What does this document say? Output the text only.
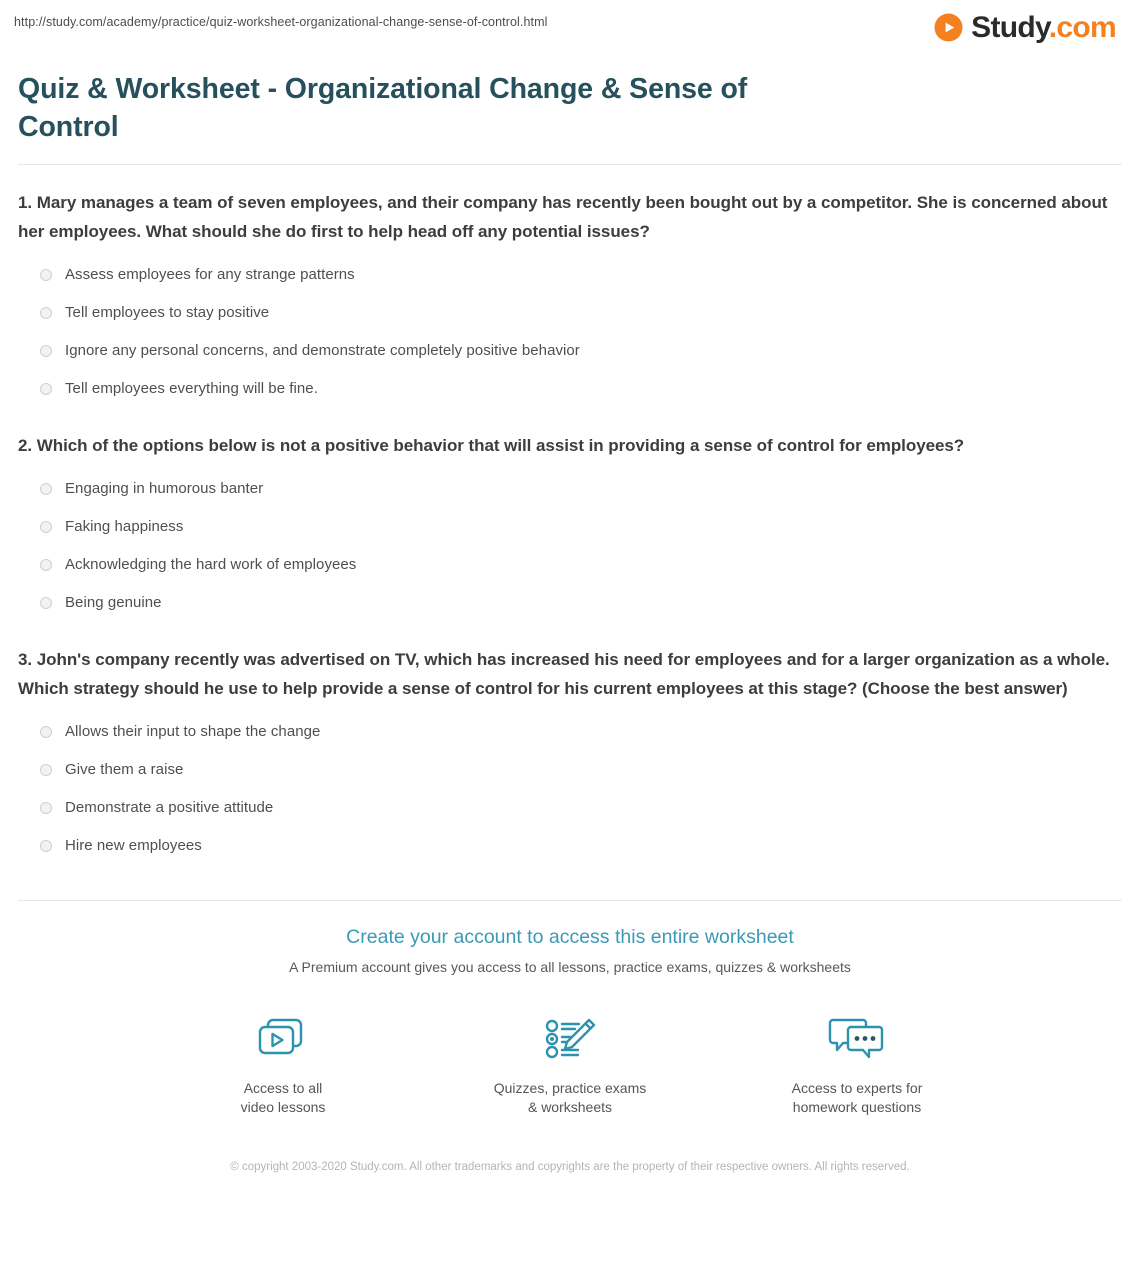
http://study.com/academy/practice/quiz-worksheet-organizational-change-sense-of-control.html	Study.com
Quiz & Worksheet - Organizational Change & Sense of Control
1. Mary manages a team of seven employees, and their company has recently been bought out by a competitor. She is concerned about her employees. What should she do first to help head off any potential issues?
Assess employees for any strange patterns
Tell employees to stay positive
Ignore any personal concerns, and demonstrate completely positive behavior
Tell employees everything will be fine.
2. Which of the options below is not a positive behavior that will assist in providing a sense of control for employees?
Engaging in humorous banter
Faking happiness
Acknowledging the hard work of employees
Being genuine
3. John's company recently was advertised on TV, which has increased his need for employees and for a larger organization as a whole. Which strategy should he use to help provide a sense of control for his current employees at this stage? (Choose the best answer)
Allows their input to shape the change
Give them a raise
Demonstrate a positive attitude
Hire new employees
Create your account to access this entire worksheet
A Premium account gives you access to all lessons, practice exams, quizzes & worksheets
Access to all
video lessons
Quizzes, practice exams
& worksheets
Access to experts for
homework questions
© copyright 2003-2020 Study.com. All other trademarks and copyrights are the property of their respective owners. All rights reserved.
